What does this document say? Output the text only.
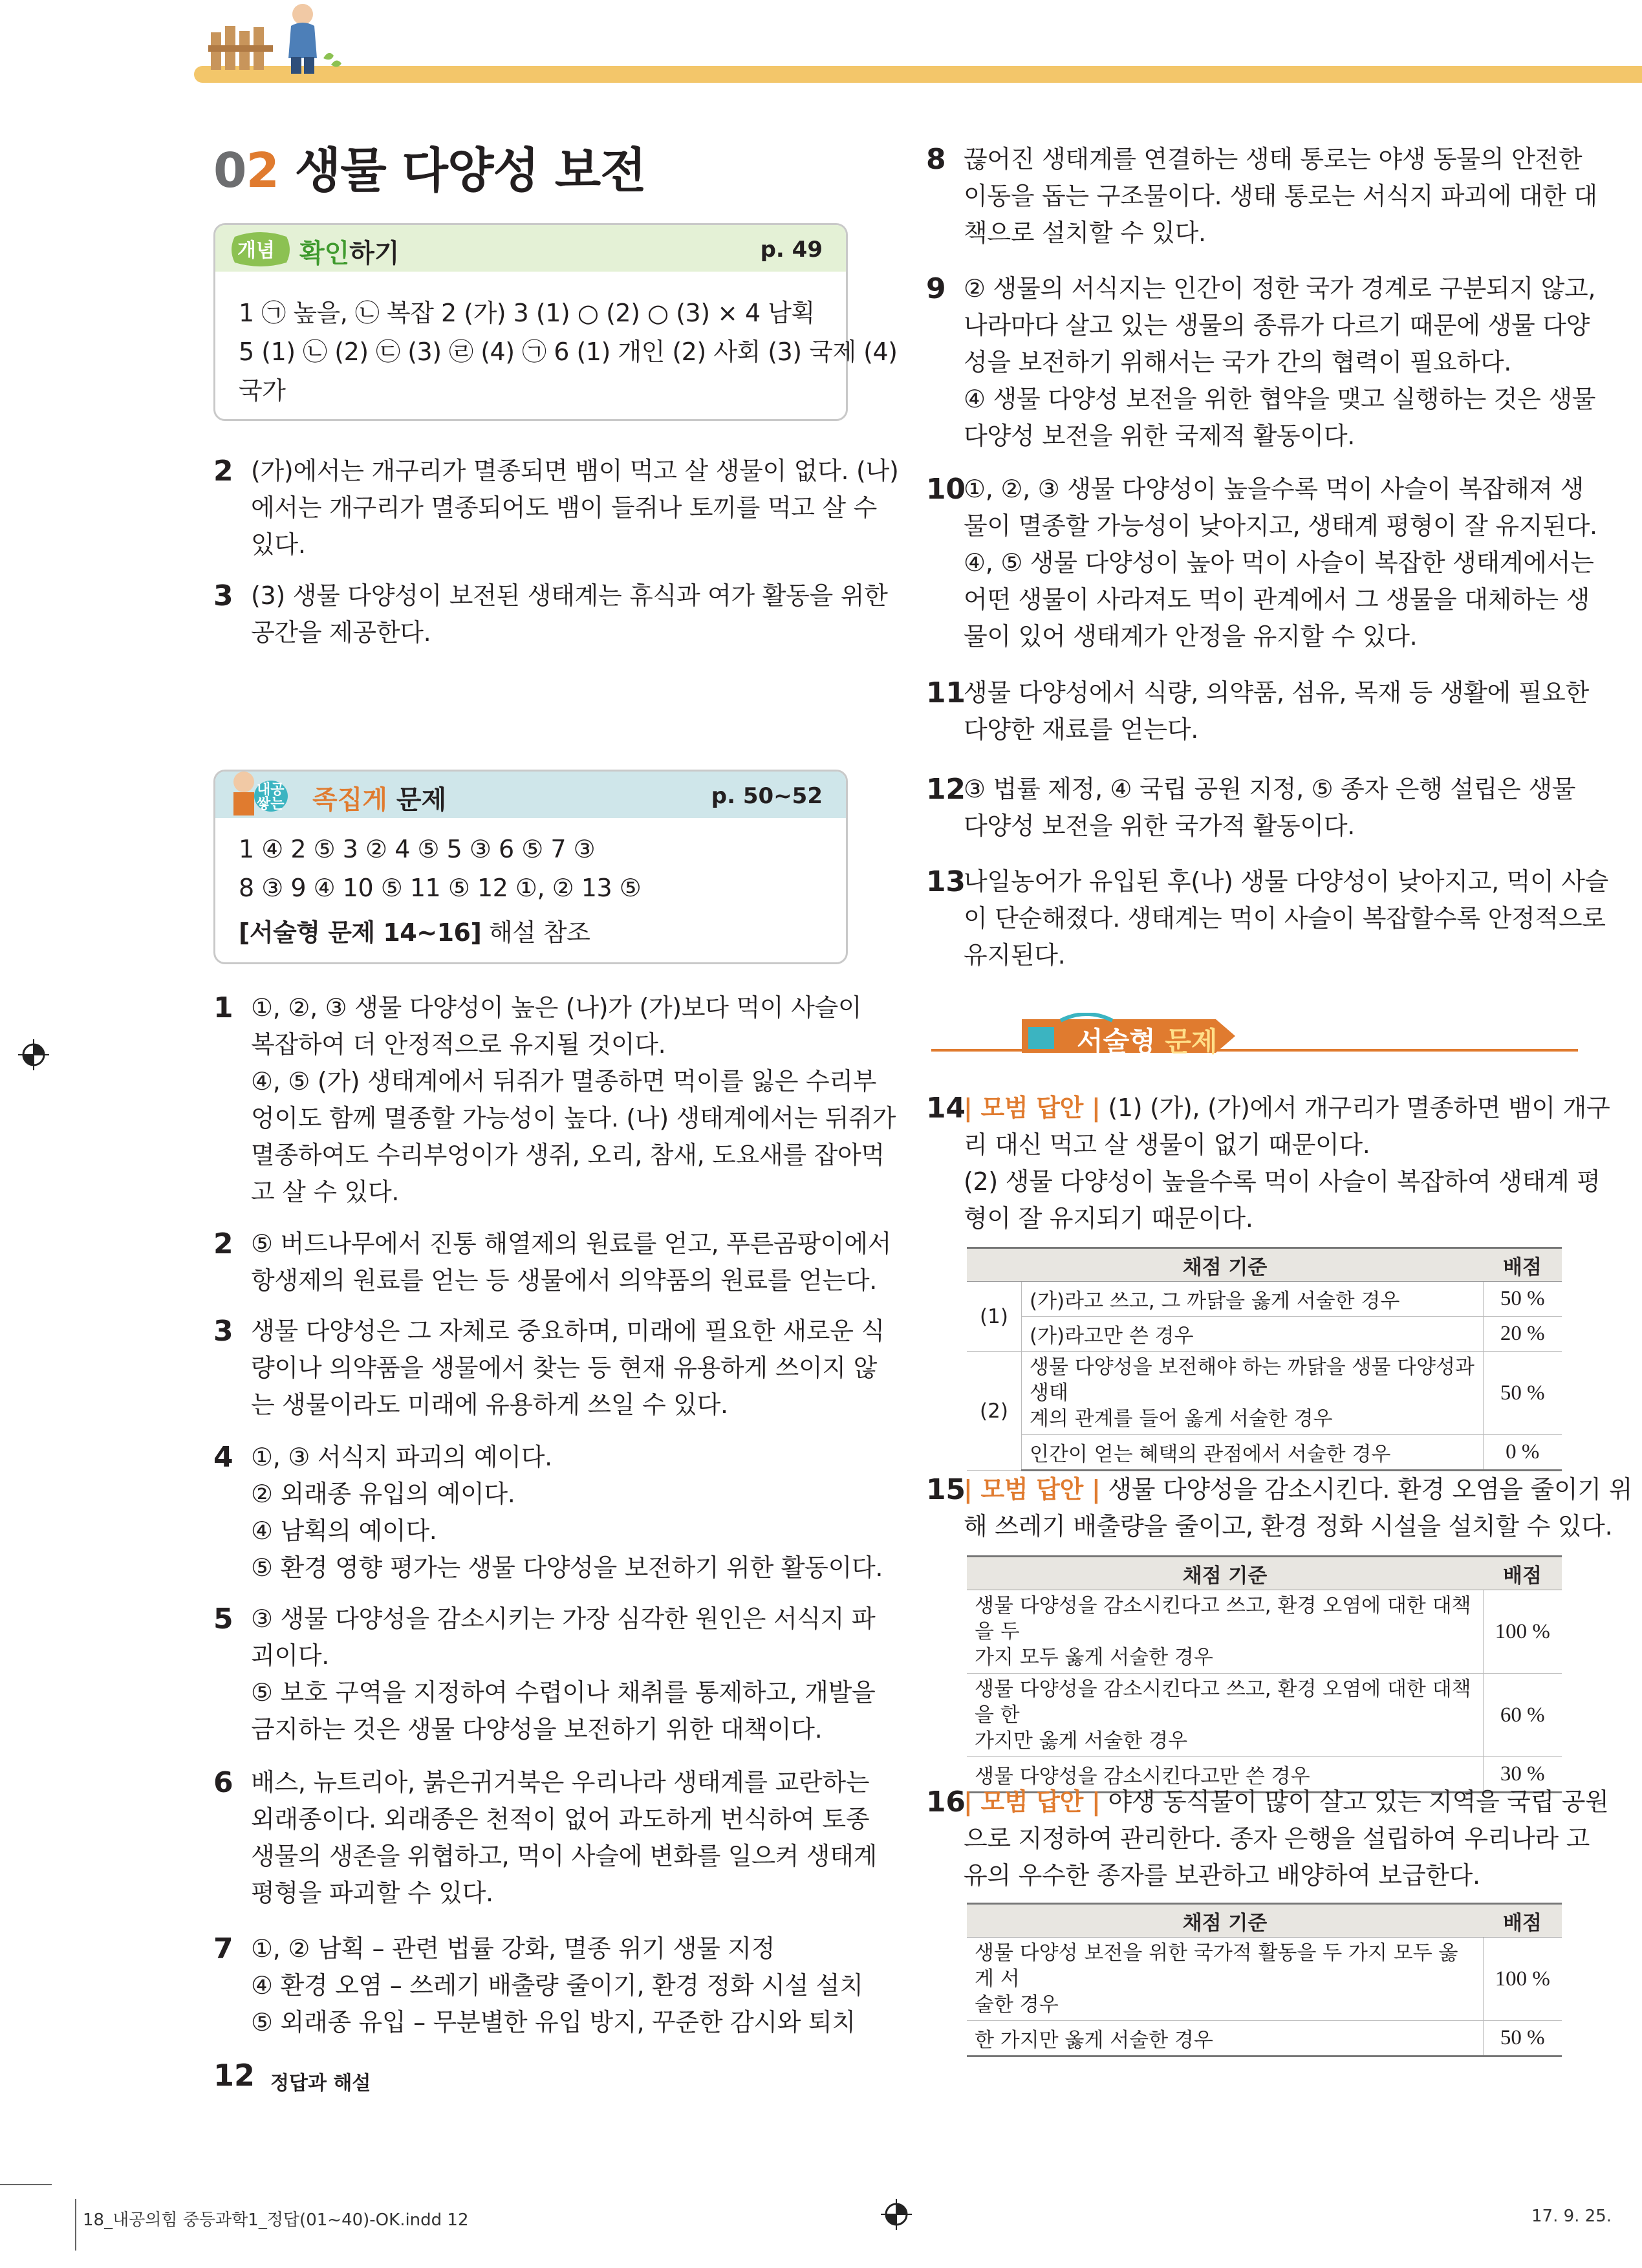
02 생물 다양성 보전
개념 확인하기	p. 49
1 ㉠ 높을, ㉡ 복잡 2 (가) 3 (1) ○ (2) ○ (3) × 4 남획
5 (1) ㉡ (2) ㉢ (3) ㉣ (4) ㉠ 6 (1) 개인 (2) 사회 (3) 국제 (4)
국가
2 (가)에서는 개구리가 멸종되면 뱀이 먹고 살 생물이 없다. (나)
에서는 개구리가 멸종되어도 뱀이 들쥐나 토끼를 먹고 살 수
있다.
3 (3) 생물 다양성이 보전된 생태계는 휴식과 여가 활동을 위한
공간을 제공한다.
내공 쌓는	족집게 문제	p. 50~52
1 ④ 2 ⑤ 3 ② 4 ⑤ 5 ③ 6 ⑤ 7 ③
8 ③ 9 ④ 10 ⑤ 11 ⑤ 12 ①, ② 13 ⑤
[서술형 문제 14~16] 해설 참조
1 ①, ②, ③ 생물 다양성이 높은 (나)가 (가)보다 먹이 사슬이
복잡하여 더 안정적으로 유지될 것이다.
④, ⑤ (가) 생태계에서 뒤쥐가 멸종하면 먹이를 잃은 수리부
엉이도 함께 멸종할 가능성이 높다. (나) 생태계에서는 뒤쥐가
멸종하여도 수리부엉이가 생쥐, 오리, 참새, 도요새를 잡아먹
고 살 수 있다.
2 ⑤ 버드나무에서 진통 해열제의 원료를 얻고, 푸른곰팡이에서
항생제의 원료를 얻는 등 생물에서 의약품의 원료를 얻는다.
3 생물 다양성은 그 자체로 중요하며, 미래에 필요한 새로운 식
량이나 의약품을 생물에서 찾는 등 현재 유용하게 쓰이지 않
는 생물이라도 미래에 유용하게 쓰일 수 있다.
4 ①, ③ 서식지 파괴의 예이다.
② 외래종 유입의 예이다.
④ 남획의 예이다.
⑤ 환경 영향 평가는 생물 다양성을 보전하기 위한 활동이다.
5 ③ 생물 다양성을 감소시키는 가장 심각한 원인은 서식지 파
괴이다.
⑤ 보호 구역을 지정하여 수렵이나 채취를 통제하고, 개발을
금지하는 것은 생물 다양성을 보전하기 위한 대책이다.
6 배스, 뉴트리아, 붉은귀거북은 우리나라 생태계를 교란하는
외래종이다. 외래종은 천적이 없어 과도하게 번식하여 토종
생물의 생존을 위협하고, 먹이 사슬에 변화를 일으켜 생태계
평형을 파괴할 수 있다.
7 ①, ② 남획 – 관련 법률 강화, 멸종 위기 생물 지정
④ 환경 오염 – 쓰레기 배출량 줄이기, 환경 정화 시설 설치
⑤ 외래종 유입 – 무분별한 유입 방지, 꾸준한 감시와 퇴치
8 끊어진 생태계를 연결하는 생태 통로는 야생 동물의 안전한
이동을 돕는 구조물이다. 생태 통로는 서식지 파괴에 대한 대
책으로 설치할 수 있다.
9 ② 생물의 서식지는 인간이 정한 국가 경계로 구분되지 않고,
나라마다 살고 있는 생물의 종류가 다르기 때문에 생물 다양
성을 보전하기 위해서는 국가 간의 협력이 필요하다.
④ 생물 다양성 보전을 위한 협약을 맺고 실행하는 것은 생물
다양성 보전을 위한 국제적 활동이다.
10
①, ②, ③ 생물 다양성이 높을수록 먹이 사슬이 복잡해져 생
물이 멸종할 가능성이 낮아지고, 생태계 평형이 잘 유지된다.
④, ⑤ 생물 다양성이 높아 먹이 사슬이 복잡한 생태계에서는
어떤 생물이 사라져도 먹이 관계에서 그 생물을 대체하는 생
물이 있어 생태계가 안정을 유지할 수 있다.
11
생물 다양성에서 식량, 의약품, 섬유, 목재 등 생활에 필요한
다양한 재료를 얻는다.
12
③ 법률 제정, ④ 국립 공원 지정, ⑤ 종자 은행 설립은 생물
다양성 보전을 위한 국가적 활동이다.
13
나일농어가 유입된 후(나) 생물 다양성이 낮아지고, 먹이 사슬
이 단순해졌다. 생태계는 먹이 사슬이 복잡할수록 안정적으로
유지된다.
서술형 문제
14
| 모범 답안 | (1) (가), (가)에서 개구리가 멸종하면 뱀이 개구
리 대신 먹고 살 생물이 없기 때문이다.
(2) 생물 다양성이 높을수록 먹이 사슬이 복잡하여 생태계 평
형이 잘 유지되기 때문이다.
채점 기준		배점
(1)	(가)라고 쓰고, 그 까닭을 옳게 서술한 경우	50 %
	(가)라고만 쓴 경우	20 %
(2)	생물 다양성을 보전해야 하는 까닭을 생물 다양성과 생태
계의 관계를 들어 옳게 서술한 경우	50 %
	인간이 얻는 혜택의 관점에서 서술한 경우	0 %
15
| 모범 답안 | 생물 다양성을 감소시킨다. 환경 오염을 줄이기 위
해 쓰레기 배출량을 줄이고, 환경 정화 시설을 설치할 수 있다.
채점 기준	배점
생물 다양성을 감소시킨다고 쓰고, 환경 오염에 대한 대책을 두
가지 모두 옳게 서술한 경우	100 %
생물 다양성을 감소시킨다고 쓰고, 환경 오염에 대한 대책을 한
가지만 옳게 서술한 경우	60 %
생물 다양성을 감소시킨다고만 쓴 경우	30 %
16
| 모범 답안 | 야생 동식물이 많이 살고 있는 지역을 국립 공원
으로 지정하여 관리한다. 종자 은행을 설립하여 우리나라 고
유의 우수한 종자를 보관하고 배양하여 보급한다.
채점 기준	배점
생물 다양성 보전을 위한 국가적 활동을 두 가지 모두 옳게 서
술한 경우	100 %
한 가지만 옳게 서술한 경우	50 %
12 정답과 해설
18_내공의힘 중등과학1_정답(01~40)-OK.indd 12	17. 9. 25.
